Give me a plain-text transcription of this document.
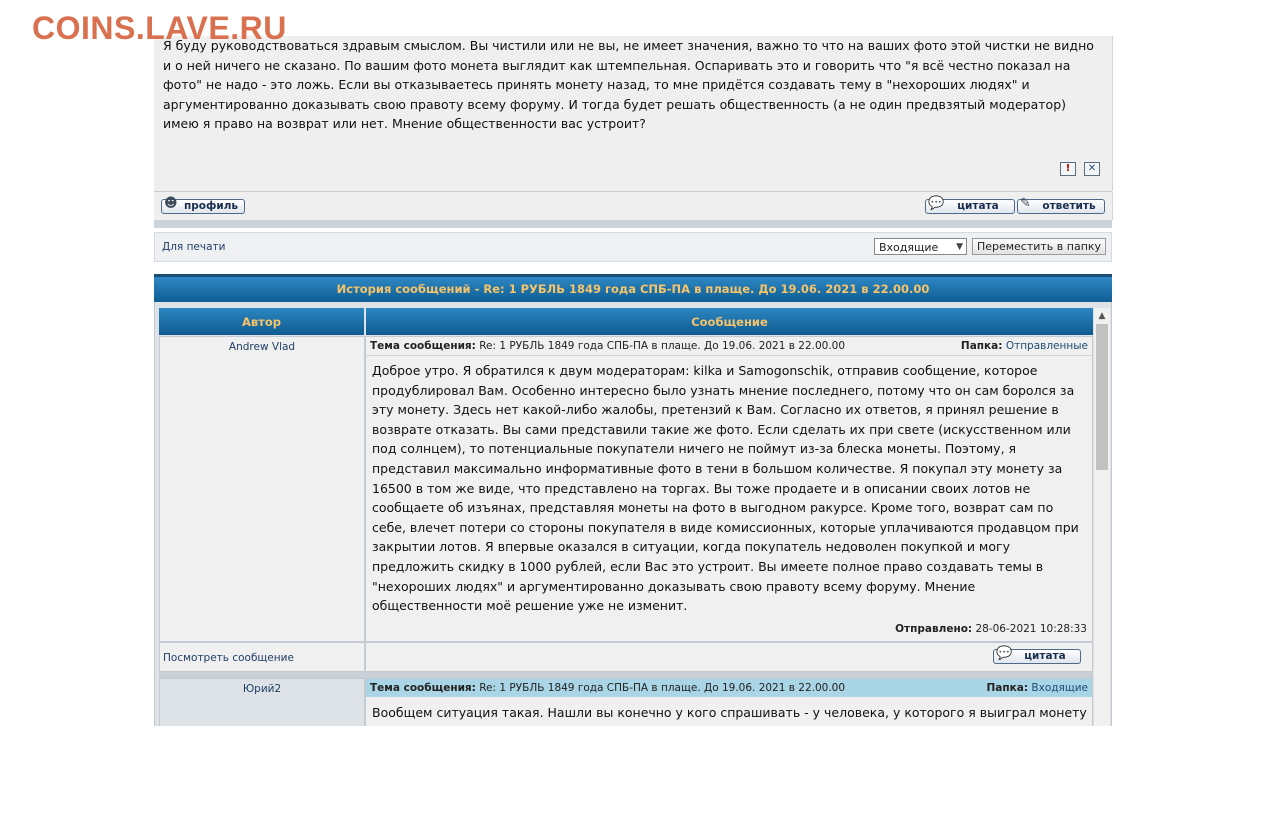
COINS.LAVE.RU
Я буду руководствоваться здравым смыслом. Вы чистили или не вы, не имеет значения, важно то что на ваших фото этой чистки не видно и о ней ничего не сказано. По вашим фото монета выглядит как штемпельная. Оспаривать это и говорить что "я всё честно показал на фото" не надо - это ложь. Если вы отказываетесь принять монету назад, то мне придётся создавать тему в "нехороших людях" и аргументированно доказывать свою правоту всему форуму. И тогда будет решать общественность (а не один предвзятый модератор) имею я право на возврат или нет. Мнение общественности вас устроит?
!	✕
☻ профиль	💬	цитата	✎	ответить
Для печати	Входящие ▼	Переместить в папку
История сообщений - Re: 1 РУБЛЬ 1849 года СПБ-ПА в плаще. До 19.06. 2021 в 22.00.00
Автор	Сообщение
Andrew Vlad	Тема сообщения: Re: 1 РУБЛЬ 1849 года СПБ-ПА в плаще. До 19.06. 2021 в 22.00.00	Папка: Отправленные
Доброе утро. Я обратился к двум модераторам: kilka и Samogonschik, отправив сообщение, которое продублировал Вам. Особенно интересно было узнать мнение последнего, потому что он сам боролся за эту монету. Здесь нет какой-либо жалобы, претензий к Вам. Согласно их ответов, я принял решение в возврате отказать. Вы сами представили такие же фото. Если сделать их при свете (искусственном или под солнцем), то потенциальные покупатели ничего не поймут из-за блеска монеты. Поэтому, я представил максимально информативные фото в тени в большом количестве. Я покупал эту монету за 16500 в том же виде, что представлено на торгах. Вы тоже продаете и в описании своих лотов не сообщаете об изъянах, представляя монеты на фото в выгодном ракурсе. Кроме того, возврат сам по себе, влечет потери со стороны покупателя в виде комиссионных, которые уплачиваются продавцом при закрытии лотов. Я впервые оказался в ситуации, когда покупатель недоволен покупкой и могу предложить скидку в 1000 рублей, если Вас это устроит. Вы имеете полное право создавать темы в "нехороших людях" и аргументированно доказывать свою правоту всему форуму. Мнение общественности моё решение уже не изменит.
Отправлено: 28-06-2021 10:28:33
Посмотреть сообщение	💬	цитата
Юрий2	Тема сообщения: Re: 1 РУБЛЬ 1849 года СПБ-ПА в плаще. До 19.06. 2021 в 22.00.00	Папка: Входящие
Вообщем ситуация такая. Нашли вы конечно у кого спрашивать - у человека, у которого я выиграл монету
▲
